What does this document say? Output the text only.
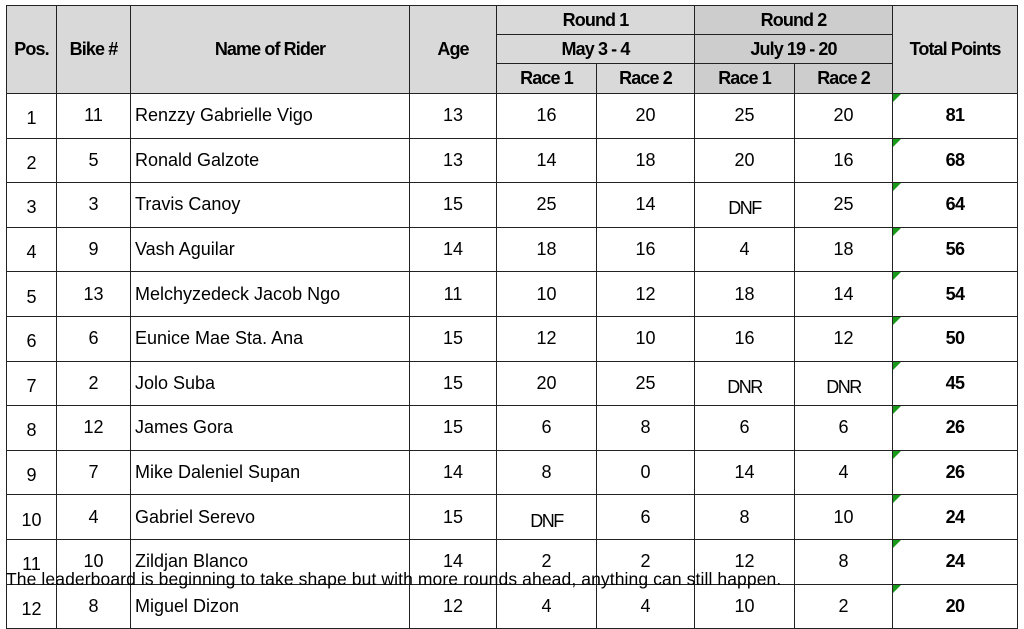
Pos.	Bike #	Name of Rider	Age	Round 1		Round 2		Total Points
				May 3 - 4		July 19 - 20		
				Race 1	Race 2	Race 1	Race 2	
1	11	Renzzy Gabrielle Vigo	13	16	20	25	20	81

2	5	Ronald Galzote	13	14	18	20	16	68

3	3	Travis Canoy	15	25	14	DNF	25	64

4	9	Vash Aguilar	14	18	16	4	18	56

5	13	Melchyzedeck Jacob Ngo	11	10	12	18	14	54

6	6	Eunice Mae Sta. Ana	15	12	10	16	12	50

7	2	Jolo Suba	15	20	25	DNR	DNR	45

8	12	James Gora	15	6	8	6	6	26

9	7	Mike Daleniel Supan	14	8	0	14	4	26

10	4	Gabriel Serevo	15	DNF	6	8	10	24

11	10	Zildjan Blanco	14	2	2	12	8	24

12	8	Miguel Dizon	12	4	4	10	2	20
The leaderboard is beginning to take shape but with more rounds ahead, anything can still happen.
